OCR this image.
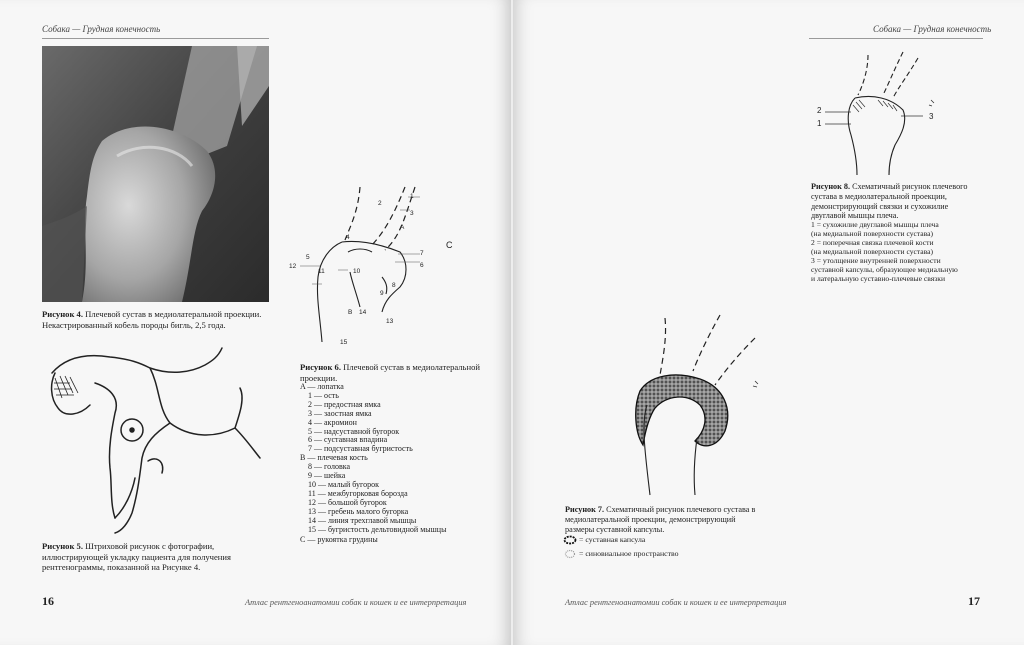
Собака — Грудная конечность
Рисунок 4. Плечевой сустав в медиолатеральной проекции. Некастрированный кобель породы бигль, 2,5 года.
Рисунок 5. Штриховой рисунок с фотографии, иллюстрирующей укладку пациента для получения рентгенограммы, показанной на Рисунке 4.
1
2
3
A
4
5
12
11	10
6
7
8
9
B 14
13
15
C
Рисунок 6. Плечевой сустав в медиолатеральной проекции.
A — лопатка
1 — ость
2 — предостная ямка
3 — заостная ямка
4 — акромион
5 — надсуставной бугорок
6 — суставная впадина
7 — подсуставная бугристость
B — плечевая кость
8 — головка
9 — шейка
10 — малый бугорок
11 — межбугорковая борозда
12 — большой бугорок
13 — гребень малого бугорка
14 — линия трехглавой мышцы
15 — бугристость дельтовидной мышцы
C — рукоятка грудины
16	Атлас рентгеноанатомии собак и кошек и ее интерпретация
Собака — Грудная конечность
2
1
3
Рисунок 8. Схематичный рисунок плечевого сустава в медиолатеральной проекции, демонстрирующий связки и сухожилие двуглавой мышцы плеча.
1 = сухожилие двуглавой мышцы плеча
(на медиальной поверхности сустава)
2 = поперечная связка плечевой кости
(на медиальной поверхности сустава)
3 = утолщение внутренней поверхности
суставной капсулы, образующее медиальную
и латеральную суставно-плечевые связки
Рисунок 7. Схематичный рисунок плечевого сустава в медиолатеральной проекции, демонстрирующий размеры суставной капсулы.
= суставная капсула
= синовиальное пространство
Атлас рентгеноанатомии собак и кошек и ее интерпретация	17
